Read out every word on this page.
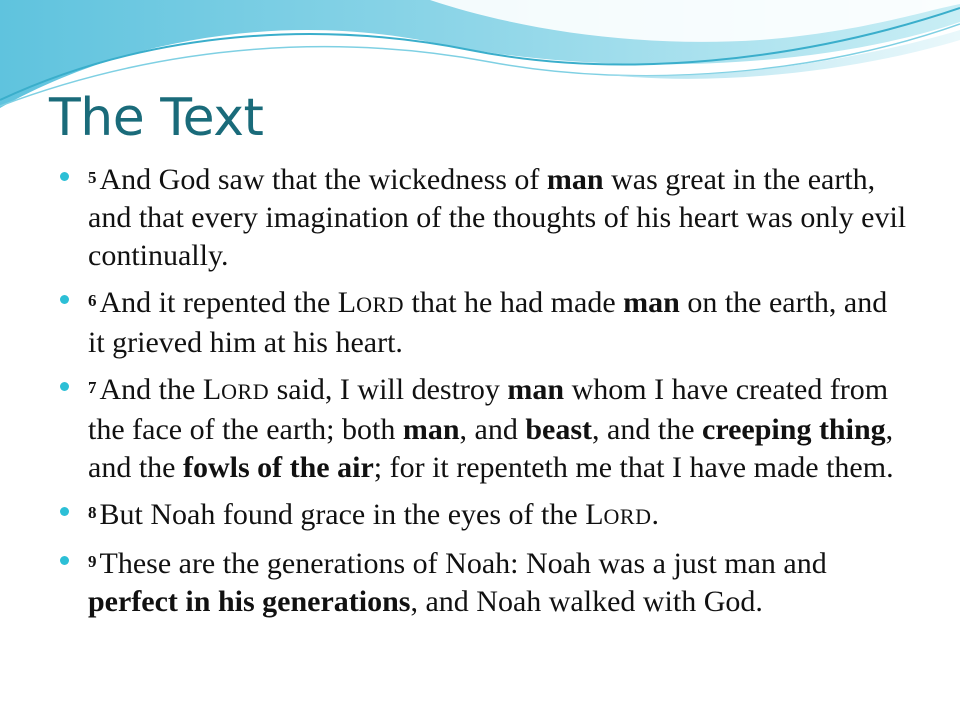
The Text
$^5$ And God saw that the wickedness of man was great in the earth, and that every imagination of the thoughts of his heart was only evil continually.
$^6$ And it repented the LORD that he had made man on the earth, and it grieved him at his heart.
$^7$ And the LORD said, I will destroy man whom I have created from the face of the earth; both man, and beast, and the creeping thing, and the fowls of the air; for it repenteth me that I have made them.
$^8$ But Noah found grace in the eyes of the LORD.
$^9$ These are the generations of Noah: Noah was a just man and perfect in his generations, and Noah walked with God.
